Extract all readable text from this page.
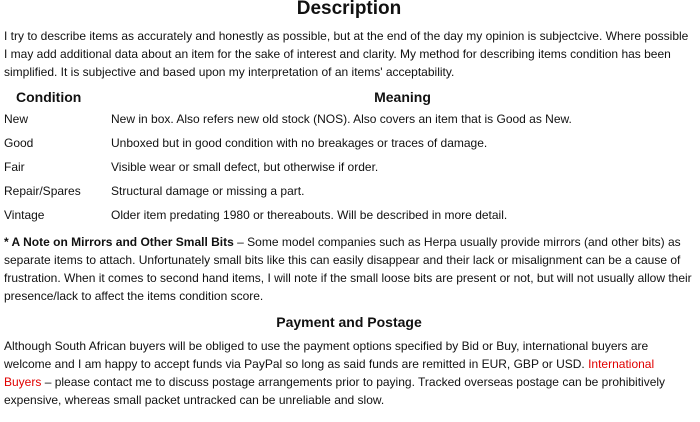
Description

I try to describe items as accurately and honestly as possible, but at the end of the day my opinion is subjectcive. Where possible I may add additional data about an item for the sake of interest and clarity. My method for describing items condition has been simplified. It is subjective and based upon my interpretation of an items' acceptability.

Condition	Meaning
New	New in box. Also refers new old stock (NOS). Also covers an item that is Good as New.
Good	Unboxed but in good condition with no breakages or traces of damage.
Fair	Visible wear or small defect, but otherwise if order.
Repair/Spares	Structural damage or missing a part.
Vintage	Older item predating 1980 or thereabouts. Will be described in more detail.

* A Note on Mirrors and Other Small Bits – Some model companies such as Herpa usually provide mirrors (and other bits) as separate items to attach. Unfortunately small bits like this can easily disappear and their lack or misalignment can be a cause of frustration. When it comes to second hand items, I will note if the small loose bits are present or not, but will not usually allow their presence/lack to affect the items condition score.

Payment and Postage

Although South African buyers will be obliged to use the payment options specified by Bid or Buy, international buyers are welcome and I am happy to accept funds via PayPal so long as said funds are remitted in EUR, GBP or USD. International Buyers – please contact me to discuss postage arrangements prior to paying. Tracked overseas postage can be prohibitively expensive, whereas small packet untracked can be unreliable and slow.
